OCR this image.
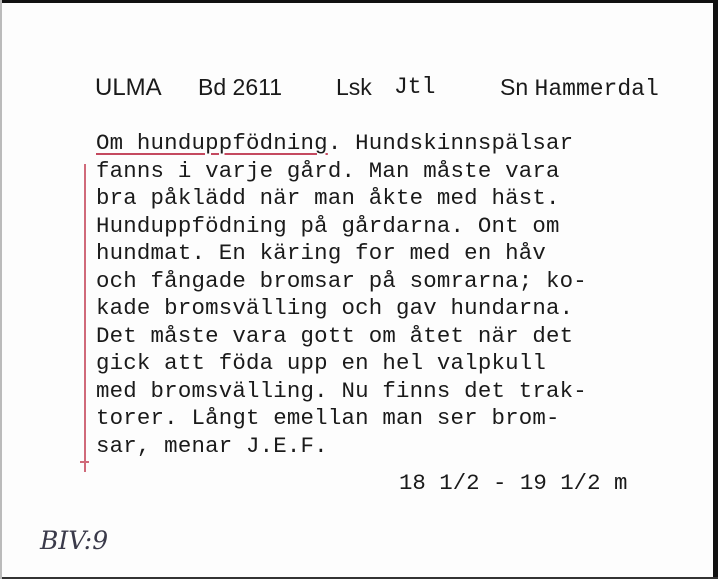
ULMA Bd 2611 Lsk Jtl	Sn Hammerdal
Om hunduppfödning. Hundskinnspälsar
fanns i varje gård. Man måste vara
bra påklädd när man åkte med häst.
Hunduppfödning på gårdarna. Ont om
hundmat. En käring for med en håv
och fångade bromsar på somrarna; ko-
kade bromsvälling och gav hundarna.
Det måste vara gott om åtet när det
gick att föda upp en hel valpkull
med bromsvälling. Nu finns det trak-
torer. Långt emellan man ser brom-
sar, menar J.E.F.
18 1/2 - 19 1/2 m
BIV:9
